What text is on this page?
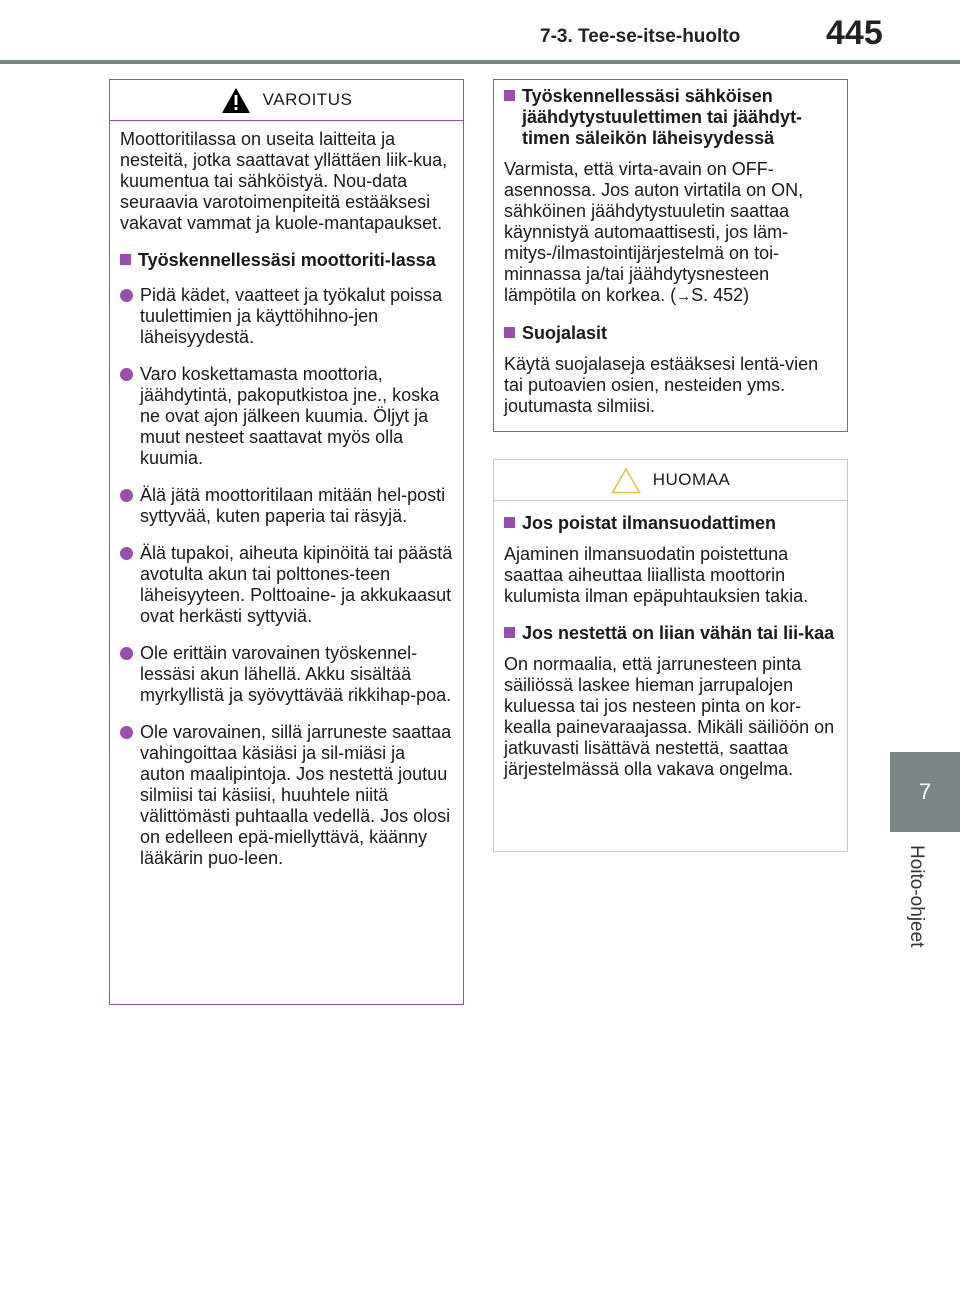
7-3. Tee-se-itse-huolto	445
7
Hoito-ohjeet
VAROITUS

Moottoritilassa on useita laitteita ja nesteitä, jotka saattavat yllättäen liik-kua, kuumentua tai sähköistyä. Nou-data seuraavia varotoimenpiteitä estääksesi vakavat vammat ja kuole-mantapaukset.

Työskennellessäsi moottoriti-lassa
Pidä kädet, vaatteet ja työkalut poissa tuulettimien ja käyttöhihno-jen läheisyydestä.
Varo koskettamasta moottoria, jäähdytintä, pakoputkistoa jne., koska ne ovat ajon jälkeen kuumia. Öljyt ja muut nesteet saattavat myös olla kuumia.
Älä jätä moottoritilaan mitään hel-posti syttyvää, kuten paperia tai räsyjä.
Älä tupakoi, aiheuta kipinöitä tai päästä avotulta akun tai polttones-teen läheisyyteen. Polttoaine- ja akkukaasut ovat herkästi syttyviä.
Ole erittäin varovainen työskennel-lessäsi akun lähellä. Akku sisältää myrkyllistä ja syövyttävää rikkihap-poa.
Ole varovainen, sillä jarruneste saattaa vahingoittaa käsiäsi ja sil-miäsi ja auton maalipintoja. Jos nestettä joutuu silmiisi tai käsiisi, huuhtele niitä välittömästi puhtaalla vedellä. Jos olosi on edelleen epä-miellyttävä, käänny lääkärin puo-leen.
Työskennellessäsi sähköisen jäähdytystuulettimen tai jäähdyt-timen säleikön läheisyydessä

Varmista, että virta-avain on OFF-asennossa. Jos auton virtatila on ON, sähköinen jäähdytystuuletin saattaa käynnistyä automaattisesti, jos läm-mitys-/ilmastointijärjestelmä on toi-minnassa ja/tai jäähdytysnesteen lämpötila on korkea. (→S. 452)

Suojalasit

Käytä suojalaseja estääksesi lentä-vien tai putoavien osien, nesteiden yms. joutumasta silmiisi.

HUOMAA
Jos poistat ilmansuodattimen

Ajaminen ilmansuodatin poistettuna saattaa aiheuttaa liiallista moottorin kulumista ilman epäpuhtauksien takia.

Jos nestettä on liian vähän tai lii-kaa

On normaalia, että jarrunesteen pinta säiliössä laskee hieman jarrupalojen kuluessa tai jos nesteen pinta on kor-kealla painevaraajassa. Mikäli säiliöön on jatkuvasti lisättävä nestettä, saattaa järjestelmässä olla vakava ongelma.
